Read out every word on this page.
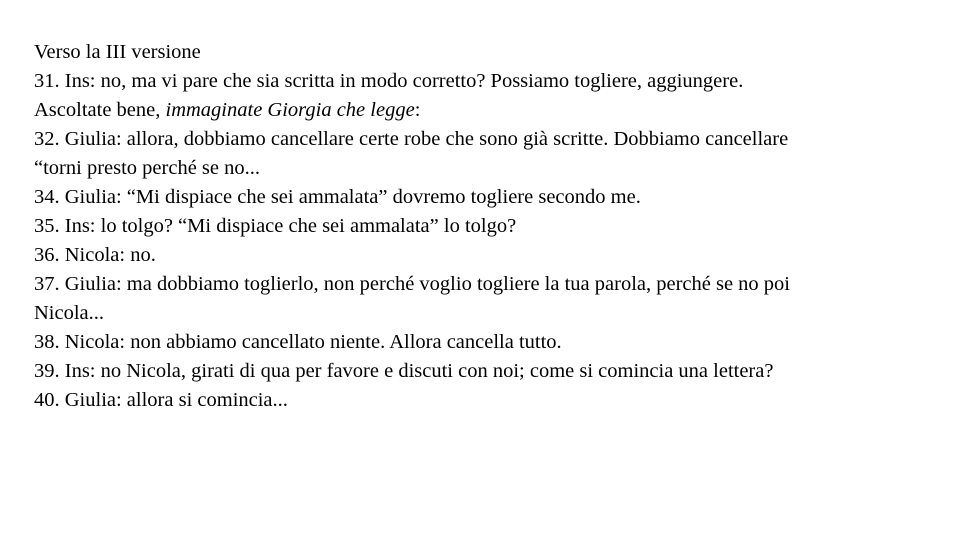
Verso la III versione
31. Ins: no, ma vi pare che sia scritta in modo corretto? Possiamo togliere, aggiungere.
Ascoltate bene, immaginate Giorgia che legge:
32. Giulia: allora, dobbiamo cancellare certe robe che sono già scritte. Dobbiamo cancellare
“torni presto perché se no...
34. Giulia: “Mi dispiace che sei ammalata” dovremo togliere secondo me.
35. Ins: lo tolgo? “Mi dispiace che sei ammalata” lo tolgo?
36. Nicola: no.
37. Giulia: ma dobbiamo toglierlo, non perché voglio togliere la tua parola, perché se no poi
Nicola...
38. Nicola: non abbiamo cancellato niente. Allora cancella tutto.
39. Ins: no Nicola, girati di qua per favore e discuti con noi; come si comincia una lettera?
40. Giulia: allora si comincia...
